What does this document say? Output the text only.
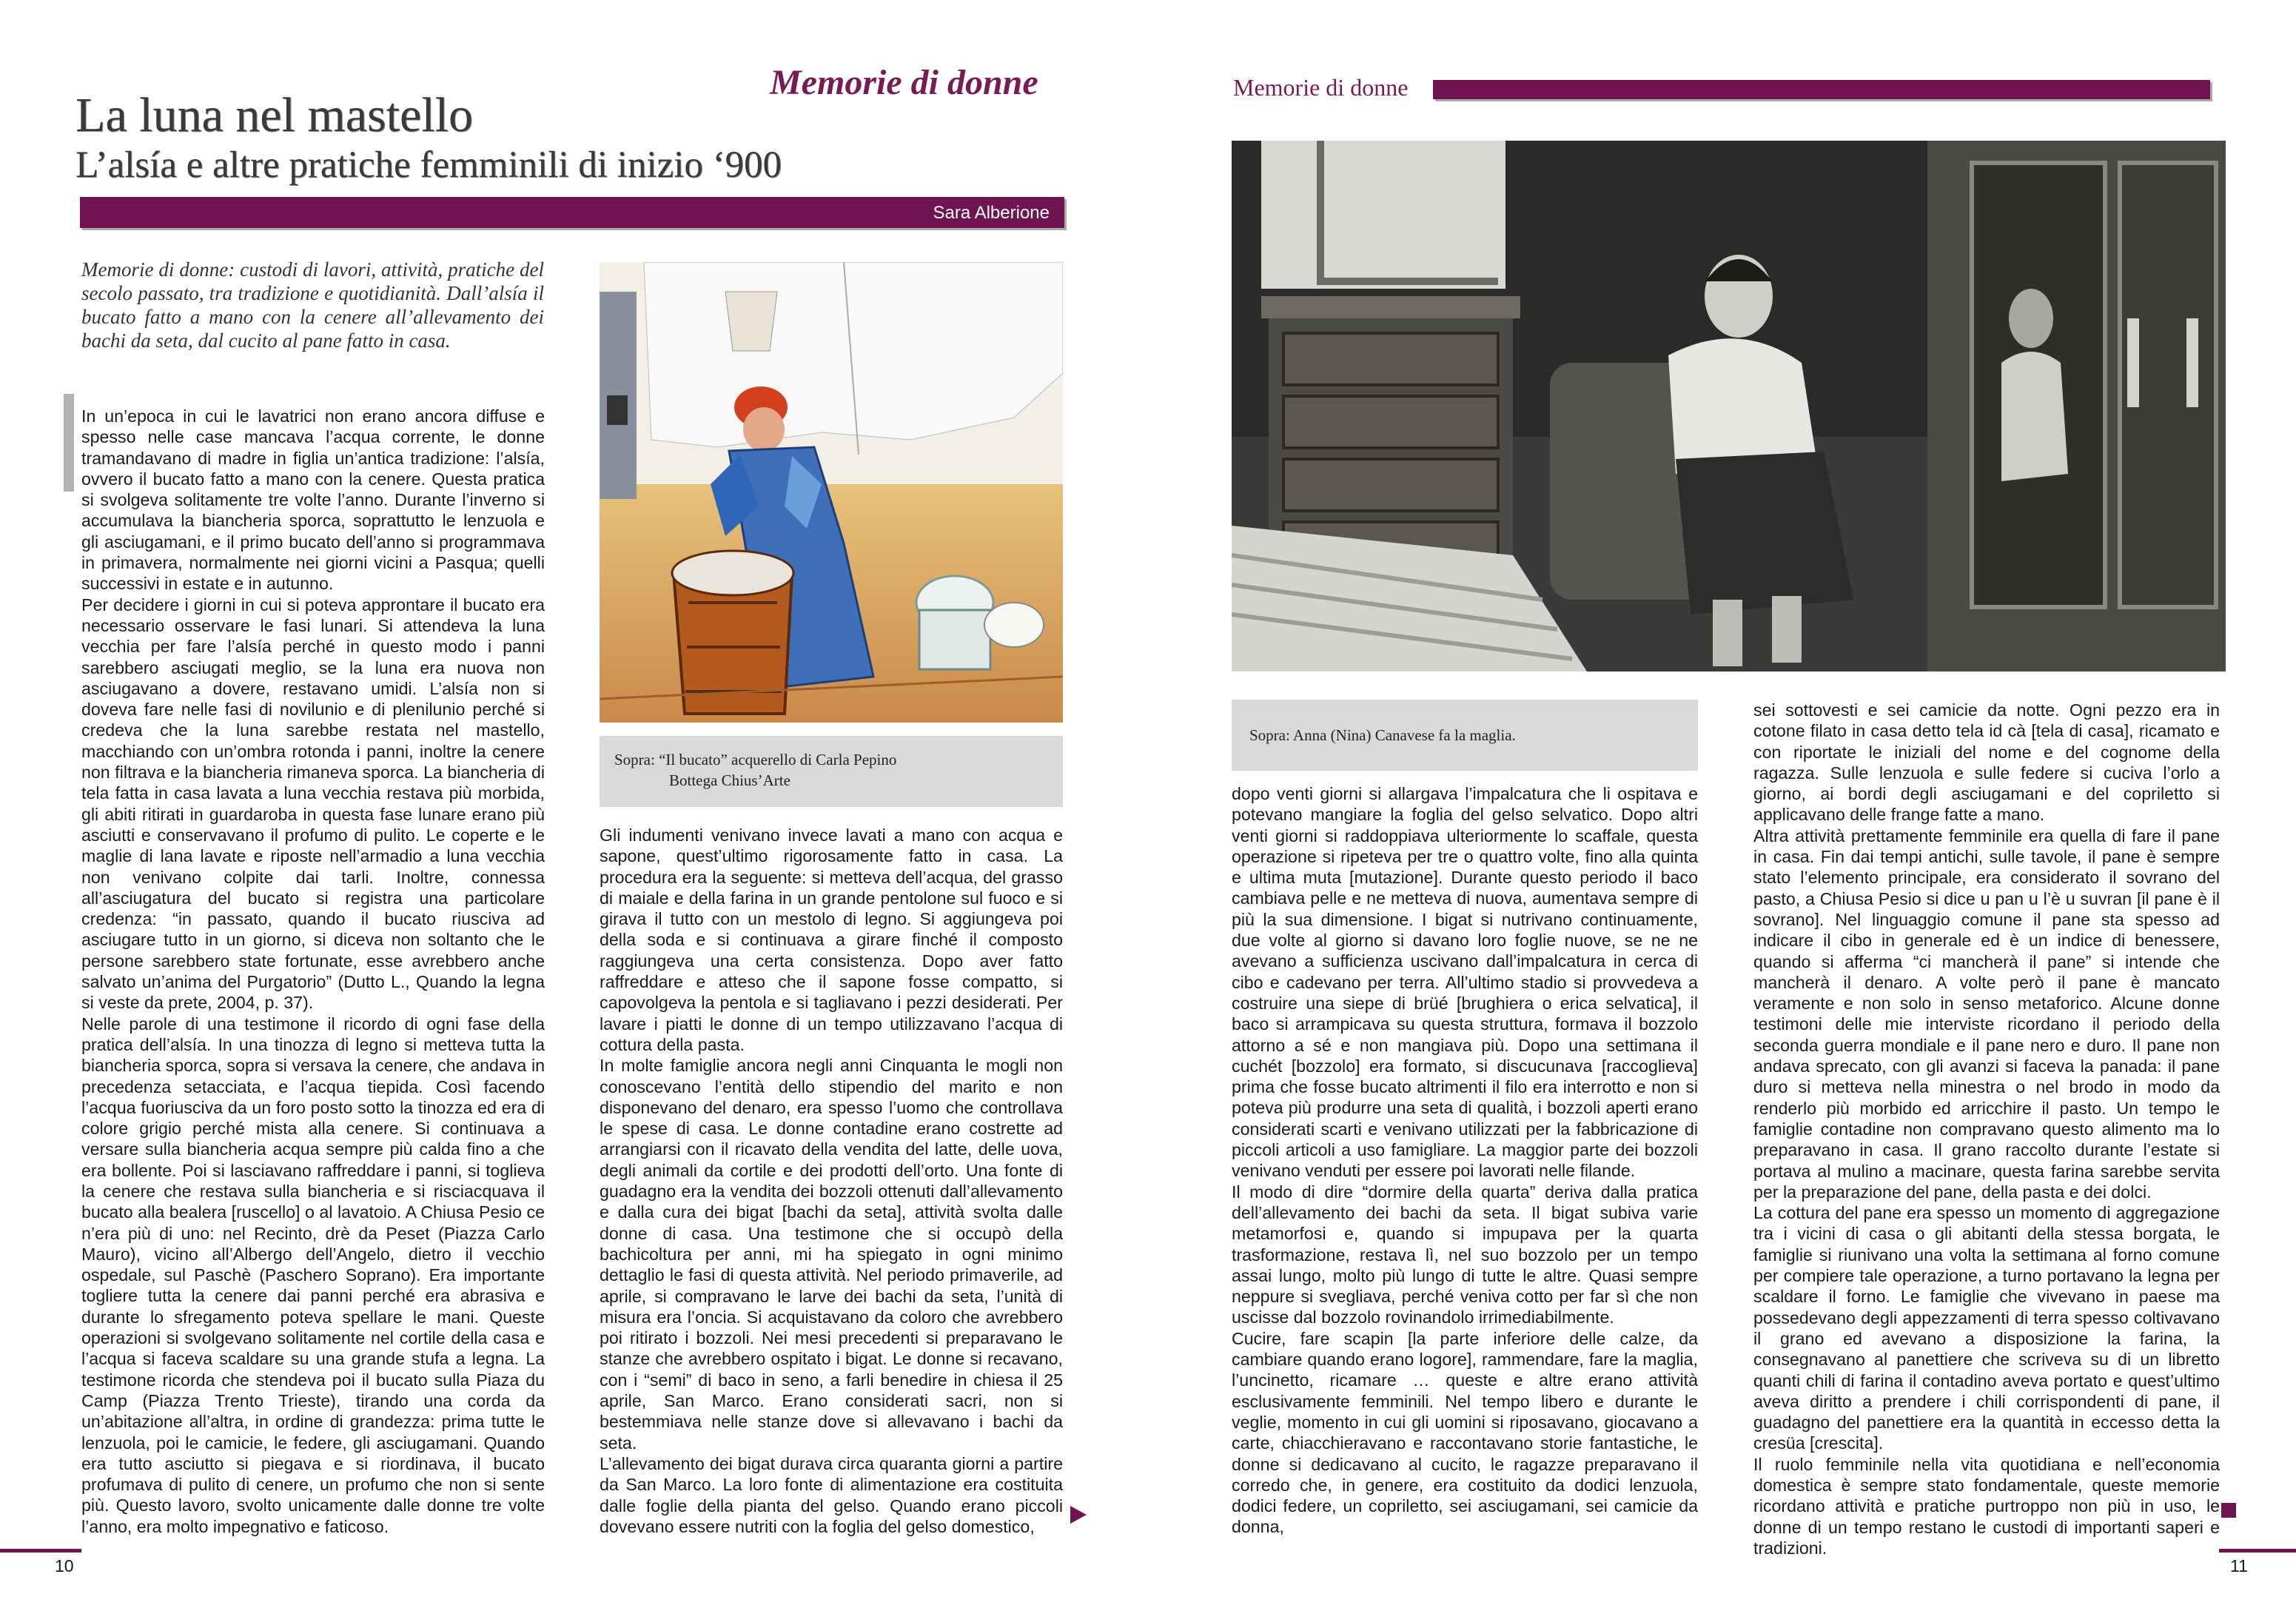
Memorie di donne
La luna nel mastello
L’alsía e altre pratiche femminili di inizio ‘900
Sara Alberione
Memorie di donne: custodi di lavori, attività, pratiche del secolo passato, tra tradizione e quotidianità. Dall’alsía il bucato fatto a mano con la cenere all’allevamento dei bachi da seta, dal cucito al pane fatto in casa.

In un’epoca in cui le lavatrici non erano ancora diffuse e spesso nelle case mancava l’acqua corrente, le donne tramandavano di madre in figlia un’antica tradizione: l’alsía, ovvero il bucato fatto a mano con la cenere. Questa pratica si svolgeva solitamente tre volte l’anno. Durante l’inverno si accumulava la biancheria sporca, soprattutto le lenzuola e gli asciugamani, e il primo bucato dell’anno si programmava in primavera, normalmente nei giorni vicini a Pasqua; quelli successivi in estate e in autunno.

Per decidere i giorni in cui si poteva approntare il bucato era necessario osservare le fasi lunari. Si attendeva la luna vecchia per fare l’alsía perché in questo modo i panni sarebbero asciugati meglio, se la luna era nuova non asciugavano a dovere, restavano umidi. L’alsía non si doveva fare nelle fasi di novilunio e di plenilunio perché si credeva che la luna sarebbe restata nel mastello, macchiando con un’ombra rotonda i panni, inoltre la cenere non filtrava e la biancheria rimaneva sporca. La biancheria di tela fatta in casa lavata a luna vecchia restava più morbida, gli abiti ritirati in guardaroba in questa fase lunare erano più asciutti e conservavano il profumo di pulito. Le coperte e le maglie di lana lavate e riposte nell’armadio a luna vecchia non venivano colpite dai tarli. Inoltre, connessa all’asciugatura del bucato si registra una particolare credenza: “in passato, quando il bucato riusciva ad asciugare tutto in un giorno, si diceva non soltanto che le persone sarebbero state fortunate, esse avrebbero anche salvato un’anima del Purgatorio” (Dutto L., Quando la legna si veste da prete, 2004, p. 37).

Nelle parole di una testimone il ricordo di ogni fase della pratica dell’alsía. In una tinozza di legno si metteva tutta la biancheria sporca, sopra si versava la cenere, che andava in precedenza setacciata, e l’acqua tiepida. Così facendo l’acqua fuoriusciva da un foro posto sotto la tinozza ed era di colore grigio perché mista alla cenere. Si continuava a versare sulla biancheria acqua sempre più calda fino a che era bollente. Poi si lasciavano raffreddare i panni, si toglieva la cenere che restava sulla biancheria e si risciacquava il bucato alla bealera [ruscello] o al lavatoio. A Chiusa Pesio ce n’era più di uno: nel Recinto, drè da Peset (Piazza Carlo Mauro), vicino all’Albergo dell’Angelo, dietro il vecchio ospedale, sul Paschè (Paschero Soprano). Era importante togliere tutta la cenere dai panni perché era abrasiva e durante lo sfregamento poteva spellare le mani. Queste operazioni si svolgevano solitamente nel cortile della casa e l’acqua si faceva scaldare su una grande stufa a legna. La testimone ricorda che stendeva poi il bucato sulla Piaza du Camp (Piazza Trento Trieste), tirando una corda da un’abitazione all’altra, in ordine di grandezza: prima tutte le lenzuola, poi le camicie, le federe, gli asciugamani. Quando era tutto asciutto si piegava e si riordinava, il bucato profumava di pulito di cenere, un profumo che non si sente più. Questo lavoro, svolto unicamente dalle donne tre volte l’anno, era molto impegnativo e faticoso.

Sopra: “Il bucato” acquerello di Carla Pepino
Bottega Chius’Arte

Gli indumenti venivano invece lavati a mano con acqua e sapone, quest’ultimo rigorosamente fatto in casa. La procedura era la seguente: si metteva dell’acqua, del grasso di maiale e della farina in un grande pentolone sul fuoco e si girava il tutto con un mestolo di legno. Si aggiungeva poi della soda e si continuava a girare finché il composto raggiungeva una certa consistenza. Dopo aver fatto raffreddare e atteso che il sapone fosse compatto, si capovolgeva la pentola e si tagliavano i pezzi desiderati. Per lavare i piatti le donne di un tempo utilizzavano l’acqua di cottura della pasta.

In molte famiglie ancora negli anni Cinquanta le mogli non conoscevano l’entità dello stipendio del marito e non disponevano del denaro, era spesso l’uomo che controllava le spese di casa. Le donne contadine erano costrette ad arrangiarsi con il ricavato della vendita del latte, delle uova, degli animali da cortile e dei prodotti dell’orto. Una fonte di guadagno era la vendita dei bozzoli ottenuti dall’allevamento e dalla cura dei bigat [bachi da seta], attività svolta dalle donne di casa. Una testimone che si occupò della bachicoltura per anni, mi ha spiegato in ogni minimo dettaglio le fasi di questa attività. Nel periodo primaverile, ad aprile, si compravano le larve dei bachi da seta, l’unità di misura era l’oncia. Si acquistavano da coloro che avrebbero poi ritirato i bozzoli. Nei mesi precedenti si preparavano le stanze che avrebbero ospitato i bigat. Le donne si recavano, con i “semi” di baco in seno, a farli benedire in chiesa il 25 aprile, San Marco. Erano considerati sacri, non si bestemmiava nelle stanze dove si allevavano i bachi da seta.

L’allevamento dei bigat durava circa quaranta giorni a partire da San Marco. La loro fonte di alimentazione era costituita dalle foglie della pianta del gelso. Quando erano piccoli dovevano essere nutriti con la foglia del gelso domestico,

10
Memorie di donne
Sopra: Anna (Nina) Canavese fa la maglia.

dopo venti giorni si allargava l’impalcatura che li ospitava e potevano mangiare la foglia del gelso selvatico. Dopo altri venti giorni si raddoppiava ulteriormente lo scaffale, questa operazione si ripeteva per tre o quattro volte, fino alla quinta e ultima muta [mutazione]. Durante questo periodo il baco cambiava pelle e ne metteva di nuova, aumentava sempre di più la sua dimensione. I bigat si nutrivano continuamente, due volte al giorno si davano loro foglie nuove, se ne ne avevano a sufficienza uscivano dall’impalcatura in cerca di cibo e cadevano per terra. All’ultimo stadio si provvedeva a costruire una siepe di brüé [brughiera o erica selvatica], il baco si arrampicava su questa struttura, formava il bozzolo attorno a sé e non mangiava più. Dopo una settimana il cuchét [bozzolo] era formato, si discucunava [raccoglieva] prima che fosse bucato altrimenti il filo era interrotto e non si poteva più produrre una seta di qualità, i bozzoli aperti erano considerati scarti e venivano utilizzati per la fabbricazione di piccoli articoli a uso famigliare. La maggior parte dei bozzoli venivano venduti per essere poi lavorati nelle filande.

Il modo di dire “dormire della quarta” deriva dalla pratica dell’allevamento dei bachi da seta. Il bigat subiva varie metamorfosi e, quando si impupava per la quarta trasformazione, restava lì, nel suo bozzolo per un tempo assai lungo, molto più lungo di tutte le altre. Quasi sempre neppure si svegliava, perché veniva cotto per far sì che non uscisse dal bozzolo rovinandolo irrimediabilmente.

Cucire, fare scapin [la parte inferiore delle calze, da cambiare quando erano logore], rammendare, fare la maglia, l’uncinetto, ricamare … queste e altre erano attività esclusivamente femminili. Nel tempo libero e durante le veglie, momento in cui gli uomini si riposavano, giocavano a carte, chiacchieravano e raccontavano storie fantastiche, le donne si dedicavano al cucito, le ragazze preparavano il corredo che, in genere, era costituito da dodici lenzuola, dodici federe, un copriletto, sei asciugamani, sei camicie da donna,

sei sottovesti e sei camicie da notte. Ogni pezzo era in cotone filato in casa detto tela id cà [tela di casa], ricamato e con riportate le iniziali del nome e del cognome della ragazza. Sulle lenzuola e sulle federe si cuciva l’orlo a giorno, ai bordi degli asciugamani e del copriletto si applicavano delle frange fatte a mano.

Altra attività prettamente femminile era quella di fare il pane in casa. Fin dai tempi antichi, sulle tavole, il pane è sempre stato l’elemento principale, era considerato il sovrano del pasto, a Chiusa Pesio si dice u pan u l’è u suvran [il pane è il sovrano]. Nel linguaggio comune il pane sta spesso ad indicare il cibo in generale ed è un indice di benessere, quando si afferma “ci mancherà il pane” si intende che mancherà il denaro. A volte però il pane è mancato veramente e non solo in senso metaforico. Alcune donne testimoni delle mie interviste ricordano il periodo della seconda guerra mondiale e il pane nero e duro. Il pane non andava sprecato, con gli avanzi si faceva la panada: il pane duro si metteva nella minestra o nel brodo in modo da renderlo più morbido ed arricchire il pasto. Un tempo le famiglie contadine non compravano questo alimento ma lo preparavano in casa. Il grano raccolto durante l’estate si portava al mulino a macinare, questa farina sarebbe servita per la preparazione del pane, della pasta e dei dolci.

La cottura del pane era spesso un momento di aggregazione tra i vicini di casa o gli abitanti della stessa borgata, le famiglie si riunivano una volta la settimana al forno comune per compiere tale operazione, a turno portavano la legna per scaldare il forno. Le famiglie che vivevano in paese ma possedevano degli appezzamenti di terra spesso coltivavano il grano ed avevano a disposizione la farina, la consegnavano al panettiere che scriveva su di un libretto quanti chili di farina il contadino aveva portato e quest’ultimo aveva diritto a prendere i chili corrispondenti di pane, il guadagno del panettiere era la quantità in eccesso detta la cresüa [crescita].

Il ruolo femminile nella vita quotidiana e nell’economia domestica è sempre stato fondamentale, queste memorie ricordano attività e pratiche purtroppo non più in uso, le donne di un tempo restano le custodi di importanti saperi e tradizioni.

11
